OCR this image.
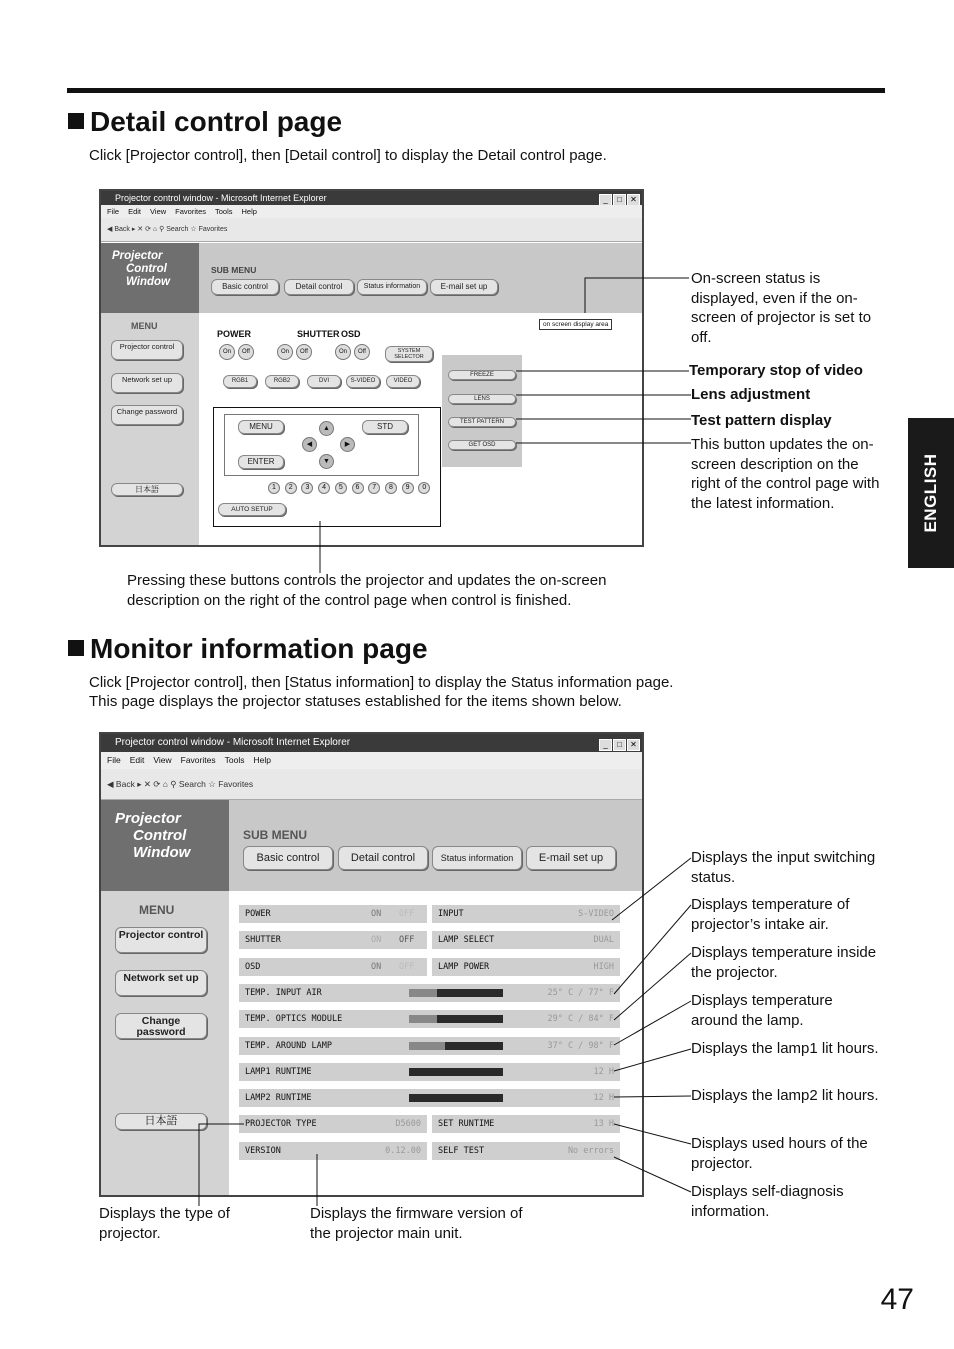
Detail control page
Click [Projector control], then [Detail control] to display the Detail control page.
Projector control window - Microsoft Internet Explorer	_ □ ✕
File Edit View Favorites Tools Help
◀ Back ▸ ✕ ⟳ ⌂ ⚲ Search ☆ Favorites
Projector
Control
Window
SUB MENU
Basic control	Detail control	Status information	E-mail set up
MENU
Projector control
Network set up
Change password
日本語
on screen display area
POWER	SHUTTER OSD
On	Off	On	Off	On	Off	SYSTEM SELECTOR
RGB1	RGB2	DVI	S-VIDEO	VIDEO
FREEZE
LENS
TEST PATTERN
GET OSD
MENU	STD
ENTER
▲
◀	▶
▼
1	2	3	4	5	6	7	8	9	0
AUTO SETUP
On-screen status is displayed, even if the on-screen of projector is set to off.
Temporary stop of video
Lens adjustment
Test pattern display
This button updates the on-screen description on the right of the control page with the latest information.
Pressing these buttons controls the projector and updates the on-screen description on the right of the control page when control is finished.
Monitor information page
Click [Projector control], then [Status information] to display the Status information page.
This page displays the projector statuses established for the items shown below.
Projector control window - Microsoft Internet Explorer	_ □ ✕
File Edit View Favorites Tools Help
◀ Back ▸ ✕ ⟳ ⌂ ⚲ Search ☆ Favorites
Projector
Control
Window
SUB MENU
Basic control	Detail control	Status information	E-mail set up
MENU
Projector control
Network set up
Change password
日本語
POWER	ON OFF
SHUTTER	ON OFF
OSD	ON OFF
INPUT	S-VIDEO
LAMP SELECT	DUAL
LAMP POWER	HIGH
TEMP. INPUT AIR	25° C / 77° F
TEMP. OPTICS MODULE	29° C / 84° F
TEMP. AROUND LAMP	37° C / 98° F
LAMP1 RUNTIME	12 H
LAMP2 RUNTIME	12 H
PROJECTOR TYPE	D5600
VERSION	0.12.00
SET RUNTIME	13 H
SELF TEST	No errors
Displays the input switching status.
Displays temperature of projector’s intake air.
Displays temperature inside the projector.
Displays temperature around the lamp.
Displays the lamp1 lit hours.
Displays the lamp2 lit hours.
Displays used hours of the projector.
Displays self-diagnosis information.
Displays the type of projector.
Displays the firmware version of the projector main unit.
ENGLISH
47
